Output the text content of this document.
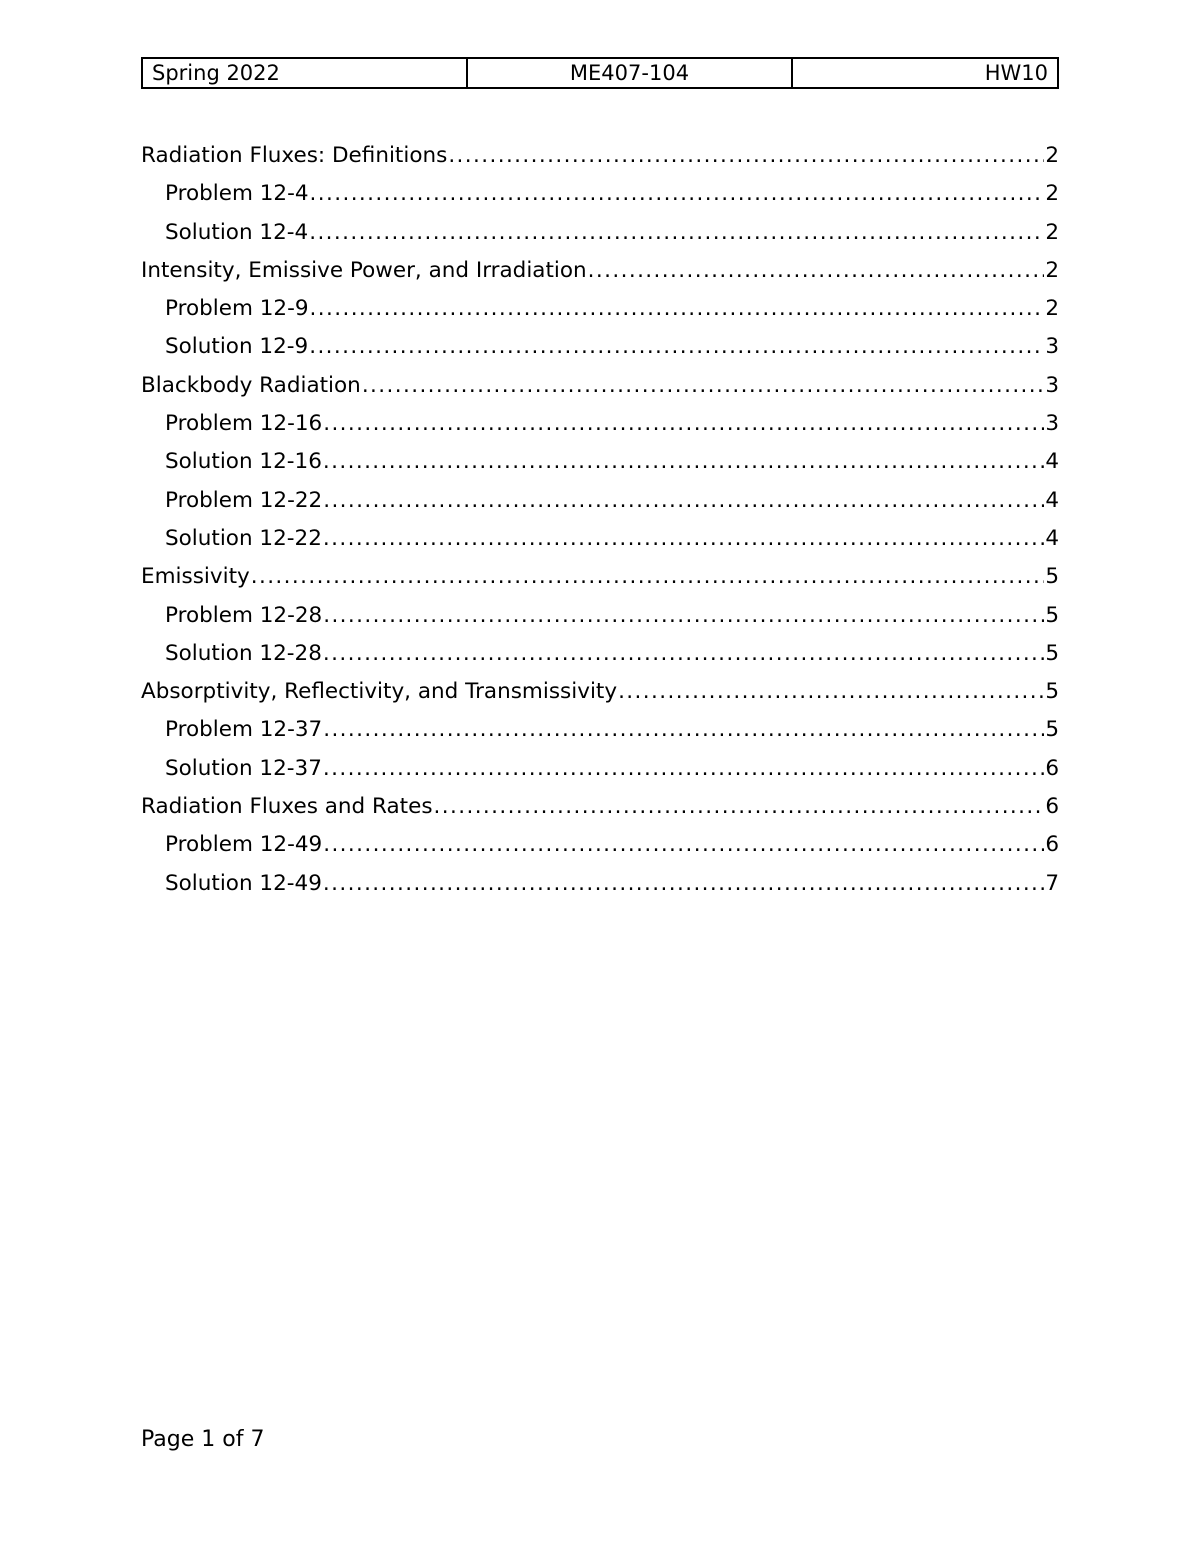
Spring 2022	ME407-104	HW10
Radiation Fluxes: Definitions .....	2
Problem 12-4 .....	2
Solution 12-4 .....	2
Intensity, Emissive Power, and Irradiation .....	2
Problem 12-9 .....	2
Solution 12-9 .....	3
Blackbody Radiation .....	3
Problem 12-16 .....	3
Solution 12-16 .....	4
Problem 12-22 .....	4
Solution 12-22 .....	4
Emissivity .....	5
Problem 12-28 .....	5
Solution 12-28 .....	5
Absorptivity, Reflectivity, and Transmissivity .....	5
Problem 12-37 .....	5
Solution 12-37 .....	6
Radiation Fluxes and Rates .....	6
Problem 12-49 .....	6
Solution 12-49 .....	7
Page 1 of 7
